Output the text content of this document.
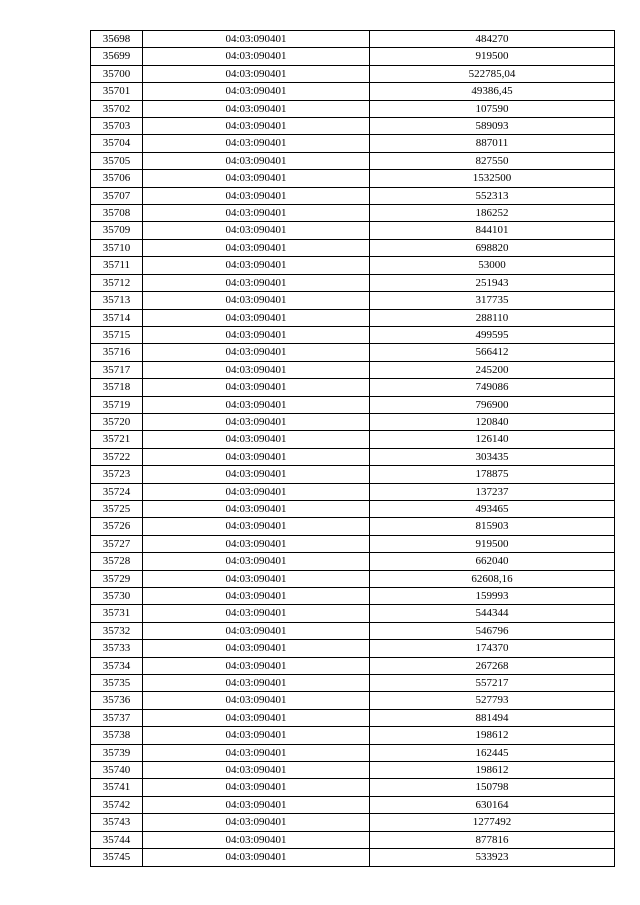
35698	04:03:090401	484270
35699	04:03:090401	919500
35700	04:03:090401	522785,04
35701	04:03:090401	49386,45
35702	04:03:090401	107590
35703	04:03:090401	589093
35704	04:03:090401	887011
35705	04:03:090401	827550
35706	04:03:090401	1532500
35707	04:03:090401	552313
35708	04:03:090401	186252
35709	04:03:090401	844101
35710	04:03:090401	698820
35711	04:03:090401	53000
35712	04:03:090401	251943
35713	04:03:090401	317735
35714	04:03:090401	288110
35715	04:03:090401	499595
35716	04:03:090401	566412
35717	04:03:090401	245200
35718	04:03:090401	749086
35719	04:03:090401	796900
35720	04:03:090401	120840
35721	04:03:090401	126140
35722	04:03:090401	303435
35723	04:03:090401	178875
35724	04:03:090401	137237
35725	04:03:090401	493465
35726	04:03:090401	815903
35727	04:03:090401	919500
35728	04:03:090401	662040
35729	04:03:090401	62608,16
35730	04:03:090401	159993
35731	04:03:090401	544344
35732	04:03:090401	546796
35733	04:03:090401	174370
35734	04:03:090401	267268
35735	04:03:090401	557217
35736	04:03:090401	527793
35737	04:03:090401	881494
35738	04:03:090401	198612
35739	04:03:090401	162445
35740	04:03:090401	198612
35741	04:03:090401	150798
35742	04:03:090401	630164
35743	04:03:090401	1277492
35744	04:03:090401	877816
35745	04:03:090401	533923
